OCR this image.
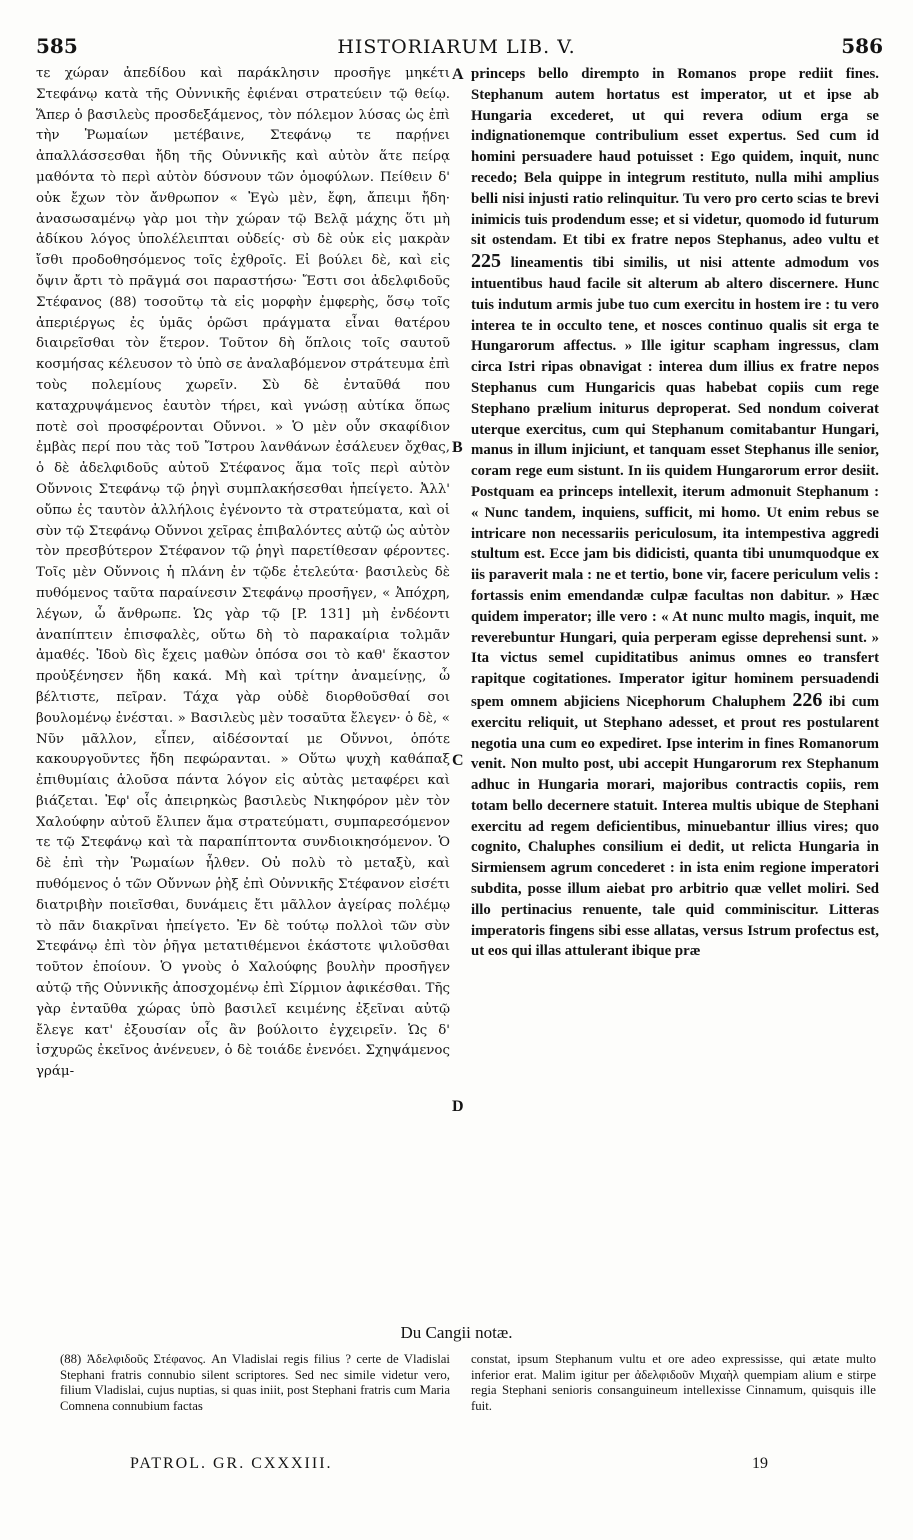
585	HISTORIARUM LIB. V.	586

τε χώραν ἀπεδίδου καὶ παράκλησιν προσῆγε μηκέτι Στεφάνῳ κατὰ τῆς Οὐννικῆς ἐφιέναι στρατεύειν τῷ θείῳ. Ἅπερ ὁ βασιλεὺς προσδεξάμενος, τὸν πόλεμον λύσας ὡς ἐπὶ τὴν Ῥωμαίων μετέβαινε, Στεφάνῳ τε παρῄνει ἀπαλλάσσεσθαι ἤδη τῆς Οὐννικῆς καὶ αὐτὸν ἅτε πείρᾳ μαθόντα τὸ περὶ αὐτὸν δύσνουν τῶν ὁμοφύλων. Πείθειν δ' οὐκ ἔχων τὸν ἄνθρωπον « Ἐγὼ μὲν, ἔφη, ἄπειμι ἤδη· ἀνασωσαμένῳ γὰρ μοι τὴν χώραν τῷ Βελᾷ μάχης ὅτι μὴ ἀδίκου λόγος ὑπολέλειπται οὐδείς· σὺ δὲ οὐκ εἰς μακρὰν ἴσθι προδοθησόμενος τοῖς ἐχθροῖς. Εἰ βούλει δὲ, καὶ εἰς ὄψιν ἄρτι τὸ πρᾶγμά σοι παραστήσω· Ἔστι σοι ἀδελφιδοῦς Στέφανος (88) τοσοῦτῳ τὰ εἰς μορφὴν ἐμφερὴς, ὅσῳ τοῖς ἀπεριέργως ἐς ὑμᾶς ὁρῶσι πράγματα εἶναι θατέρου διαιρεῖσθαι τὸν ἕτερον. Τοῦτον δὴ ὅπλοις τοῖς σαυτοῦ κοσμήσας κέλευσον τὸ ὑπὸ σε ἀναλαβόμενον στράτευμα ἐπὶ τοὺς πολεμίους χωρεῖν. Σὺ δὲ ἐνταῦθά που καταχρυψάμενος ἑαυτὸν τήρει, καὶ γνώσῃ αὐτίκα ὅπως ποτὲ σοὶ προσφέρονται Οὔννοι. » Ὁ μὲν οὖν σκαφίδιον ἐμβὰς περί που τὰς τοῦ Ἴστρου λανθάνων ἐσάλευεν ὄχθας, ὁ δὲ ἀδελφιδοῦς αὐτοῦ Στέφανος ἅμα τοῖς περὶ αὐτὸν Οὔννοις Στεφάνῳ τῷ ῥηγὶ συμπλακήσεσθαι ἠπείγετο. Ἀλλ' οὔπω ἐς ταυτὸν ἀλλήλοις ἐγένοντο τὰ στρατεύματα, καὶ οἱ σὺν τῷ Στεφάνῳ Οὔννοι χεῖρας ἐπιβαλόντες αὐτῷ ὡς αὐτὸν τὸν πρεσβύτερον Στέφανον τῷ ῥηγὶ παρετίθεσαν φέροντες. Τοῖς μὲν Οὔννοις ἡ πλάνη ἐν τῷδε ἐτελεύτα· βασιλεὺς δὲ πυθόμενος ταῦτα παραίνεσιν Στεφάνῳ προσῆγεν, « Ἀπόχρη, λέγων, ὦ ἄνθρωπε. Ὡς γὰρ τῷ [P. 131] μὴ ἐνδέοντι ἀναπίπτειν ἐπισφαλὲς, οὕτω δὴ τὸ παρακαίρια τολμᾶν ἀμαθές. Ἰδοὺ δὶς ἔχεις μαθὼν ὁπόσα σοι τὸ καθ' ἕκαστον προὐξένησεν ἤδη κακά. Μὴ καὶ τρίτην ἀναμείνῃς, ὦ βέλτιστε, πεῖραν. Τάχα γὰρ οὐδὲ διορθοῦσθαί σοι βουλομένῳ ἐνέσται. » Βασιλεὺς μὲν τοσαῦτα ἔλεγεν· ὁ δὲ, « Νῦν μᾶλλον, εἶπεν, αἰδέσονταί με Οὔννοι, ὁπότε κακουργοῦντες ἤδη πεφώρανται. » Οὕτω ψυχὴ καθάπαξ ἐπιθυμίαις ἁλοῦσα πάντα λόγον εἰς αὐτὰς μεταφέρει καὶ βιάζεται. Ἐφ' οἷς ἀπειρηκὼς βασιλεὺς Νικηφόρον μὲν τὸν Χαλούφην αὐτοῦ ἔλιπεν ἅμα στρατεύματι, συμπαρεσόμενον τε τῷ Στεφάνῳ καὶ τὰ παραπίπτοντα συνδιοικησόμενον. Ὁ δὲ ἐπὶ τὴν Ῥωμαίων ἦλθεν. Οὐ πολὺ τὸ μεταξὺ, καὶ πυθόμενος ὁ τῶν Οὔννων ῥὴξ ἐπὶ Οὐννικῆς Στέφανον εἰσέτι διατριβὴν ποιεῖσθαι, δυνάμεις ἔτι μᾶλλον ἀγείρας πολέμῳ τὸ πᾶν διακρῖναι ἠπείγετο. Ἐν δὲ τούτῳ πολλοὶ τῶν σὺν Στεφάνῳ ἐπὶ τὸν ῥῆγα μετατιθέμενοι ἑκάστοτε ψιλοῦσθαι τοῦτον ἐποίουν. Ὁ γνοὺς ὁ Χαλούφης βουλὴν προσῆγεν αὐτῷ τῆς Οὐννικῆς ἀποσχομένῳ ἐπὶ Σίρμιον ἀφικέσθαι. Τῆς γὰρ ἐνταῦθα χώρας ὑπὸ βασιλεῖ κειμένης ἐξεῖναι αὐτῷ ἔλεγε κατ' ἐξουσίαν οἷς ἂν βούλοιτο ἐγχειρεῖν. Ὡς δ' ἰσχυρῶς ἐκεῖνος ἀνένευεν, ὁ δὲ τοιάδε ἐνενόει. Σχηψάμενος γράμ-

A
B
C
D

princeps bello dirempto in Romanos prope rediit fines. Stephanum autem hortatus est imperator, ut et ipse ab Hungaria excederet, ut qui revera odium erga se indignationemque contribulium esset expertus. Sed cum id homini persuadere haud potuisset : Ego quidem, inquit, nunc recedo; Bela quippe in integrum restituto, nulla mihi amplius belli nisi injusti ratio relinquitur. Tu vero pro certo scias te brevi inimicis tuis prodendum esse; et si videtur, quomodo id futurum sit ostendam. Et tibi ex fratre nepos Stephanus, adeo vultu et 225 lineamentis tibi similis, ut nisi attente admodum vos intuentibus haud facile sit alterum ab altero discernere. Hunc tuis indutum armis jube tuo cum exercitu in hostem ire : tu vero interea te in occulto tene, et nosces continuo qualis sit erga te Hungarorum affectus. » Ille igitur scapham ingressus, clam circa Istri ripas obnavigat : interea dum illius ex fratre nepos Stephanus cum Hungaricis quas habebat copiis cum rege Stephano prælium initurus deproperat. Sed nondum coiverat uterque exercitus, cum qui Stephanum comitabantur Hungari, manus in illum injiciunt, et tanquam esset Stephanus ille senior, coram rege eum sistunt. In iis quidem Hungarorum error desiit. Postquam ea princeps intellexit, iterum admonuit Stephanum : « Nunc tandem, inquiens, sufficit, mi homo. Ut enim rebus se intricare non necessariis periculosum, ita intempestiva aggredi stultum est. Ecce jam bis didicisti, quanta tibi unumquodque ex iis paraverit mala : ne et tertio, bone vir, facere periculum velis : fortassis enim emendandæ culpæ facultas non dabitur. » Hæc quidem imperator; ille vero : « At nunc multo magis, inquit, me reverebuntur Hungari, quia perperam egisse deprehensi sunt. » Ita victus semel cupiditatibus animus omnes eo transfert rapitque cogitationes. Imperator igitur hominem persuadendi spem omnem abjiciens Nicephorum Chaluphem 226 ibi cum exercitu reliquit, ut Stephano adesset, et prout res postularent negotia una cum eo expediret. Ipse interim in fines Romanorum venit. Non multo post, ubi accepit Hungarorum rex Stephanum adhuc in Hungaria morari, majoribus contractis copiis, rem totam bello decernere statuit. Interea multis ubique de Stephani exercitu ad regem deficientibus, minuebantur illius vires; quo cognito, Chaluphes consilium ei dedit, ut relicta Hungaria in Sirmiensem agrum concederet : in ista enim regione imperatori subdita, posse illum aiebat pro arbitrio quæ vellet moliri. Sed illo pertinacius renuente, tale quid comminiscitur. Litteras imperatoris fingens sibi esse allatas, versus Istrum profectus est, ut eos qui illas attulerant ibique præ

Du Cangii notæ.

(88) Ἀδελφιδοῦς Στέφανος. An Vladislai regis filius ? certe de Vladislai Stephani fratris connubio silent scriptores. Sed nec simile videtur vero, filium Vladislai, cujus nuptias, si quas iniit, post Stephani fratris cum Maria Comnena connubium factas

constat, ipsum Stephanum vultu et ore adeo expressisse, qui ætate multo inferior erat. Malim igitur per ἀδελφιδοῦν Μιχαὴλ quempiam alium e stirpe regia Stephani senioris consanguineum intellexisse Cinnamum, quisquis ille fuit.

PATROL. GR. CXXXIII.	19
